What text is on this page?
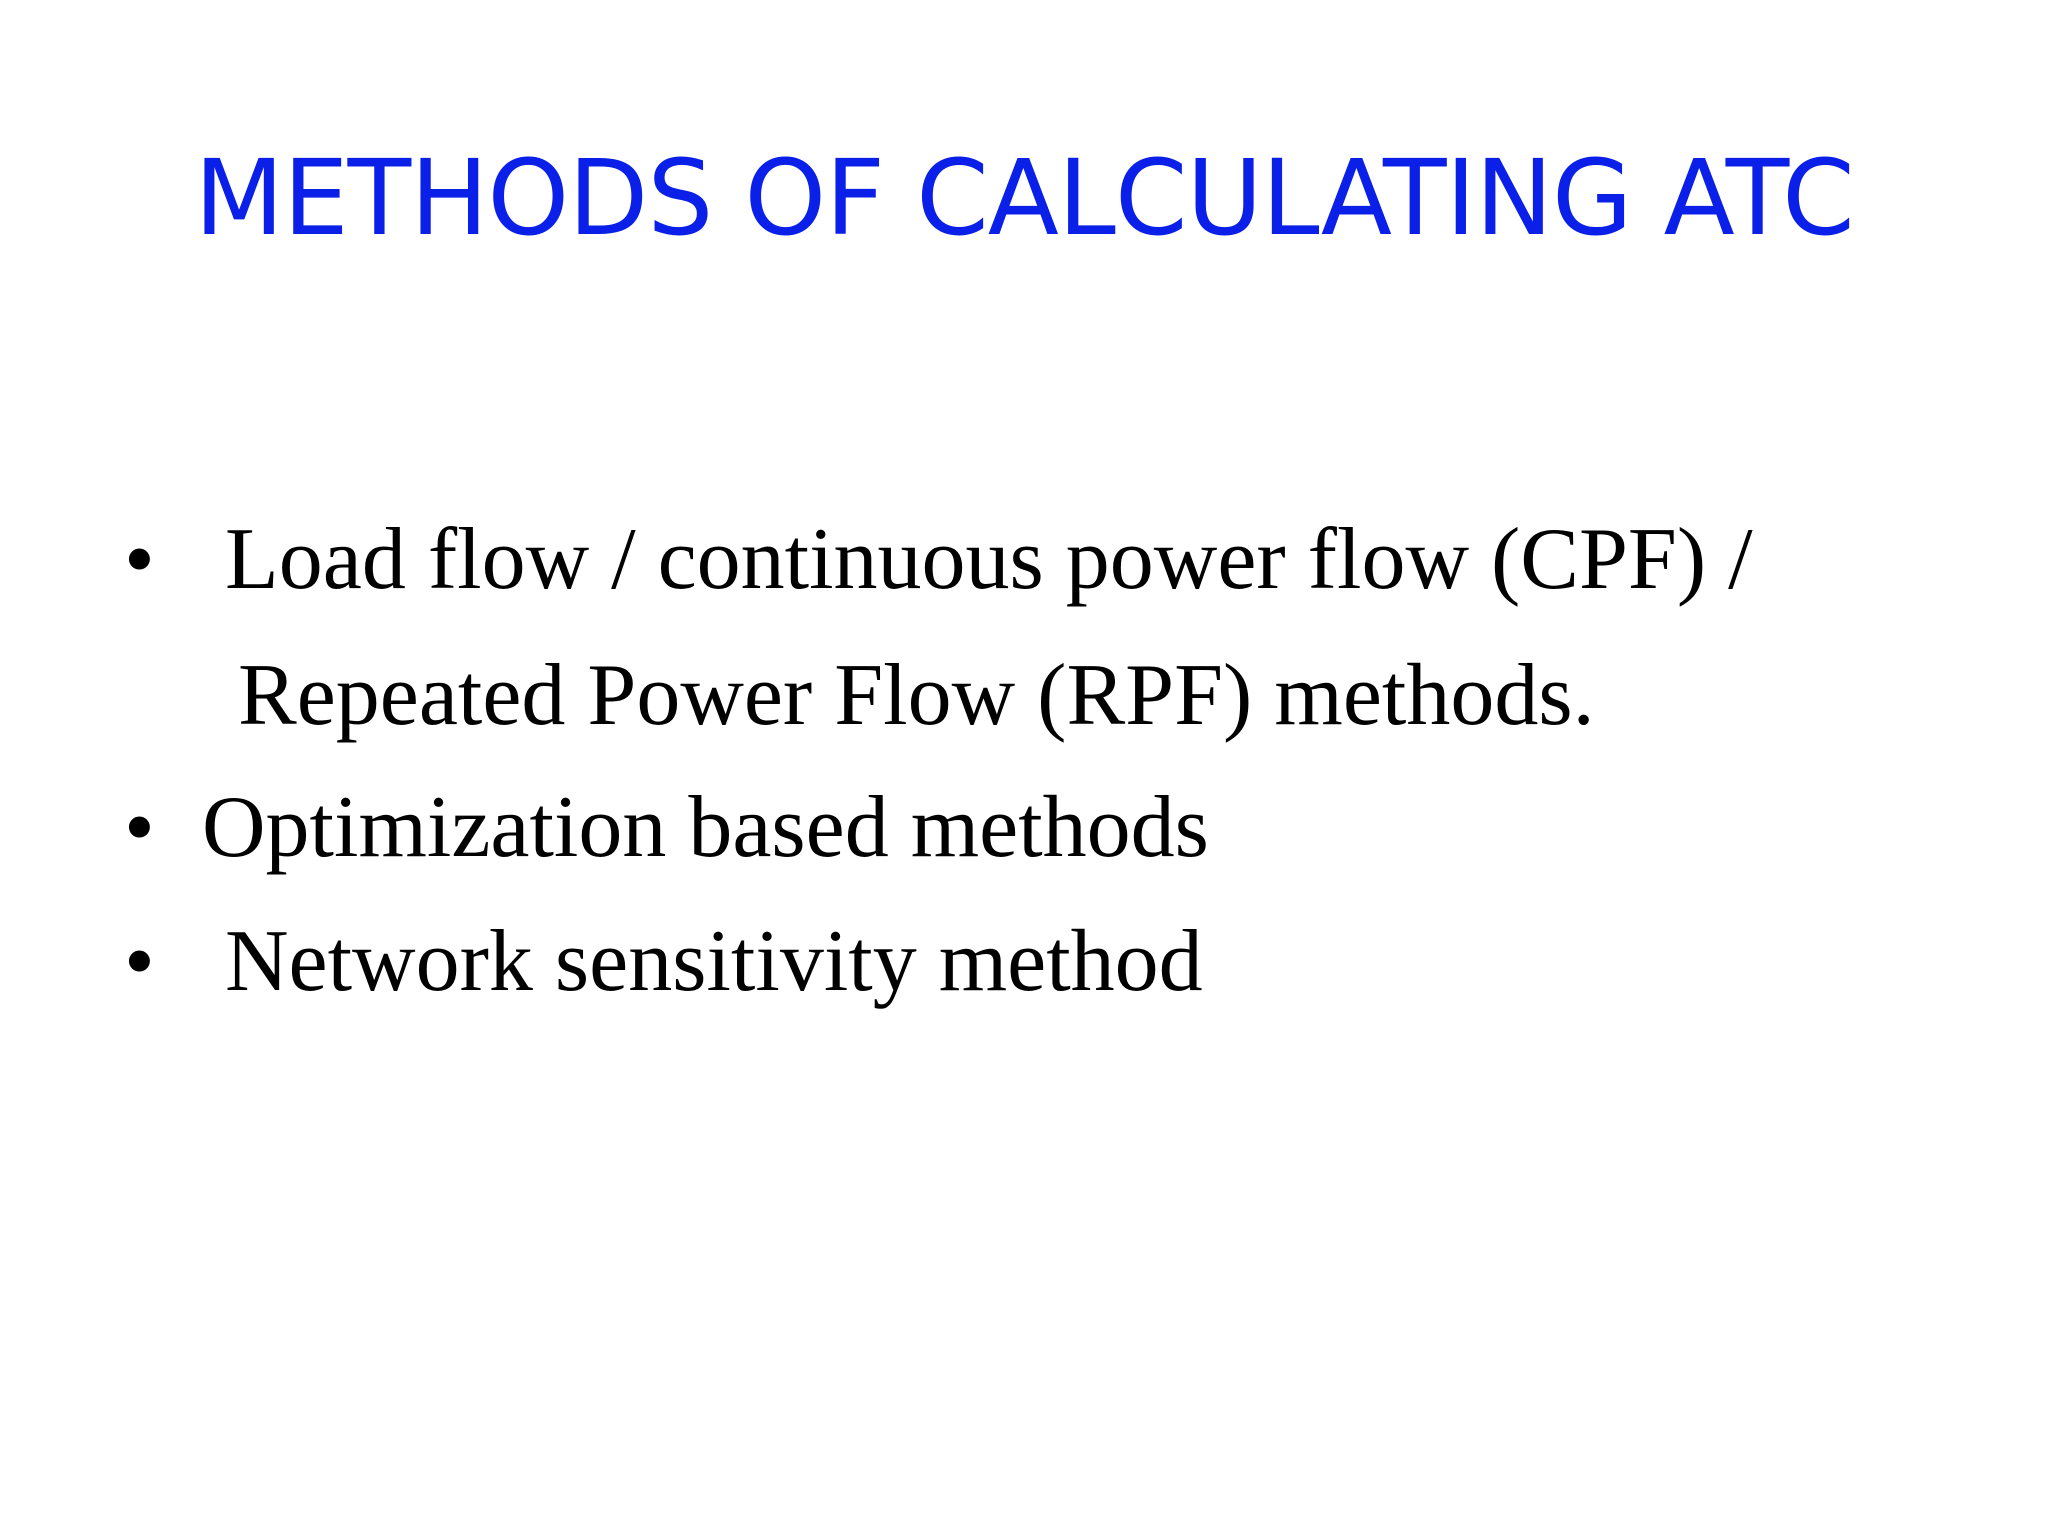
METHODS OF CALCULATING ATC
• Load flow / continuous power flow (CPF) /
Repeated Power Flow (RPF) methods.
• Optimization based methods
• Network sensitivity method
